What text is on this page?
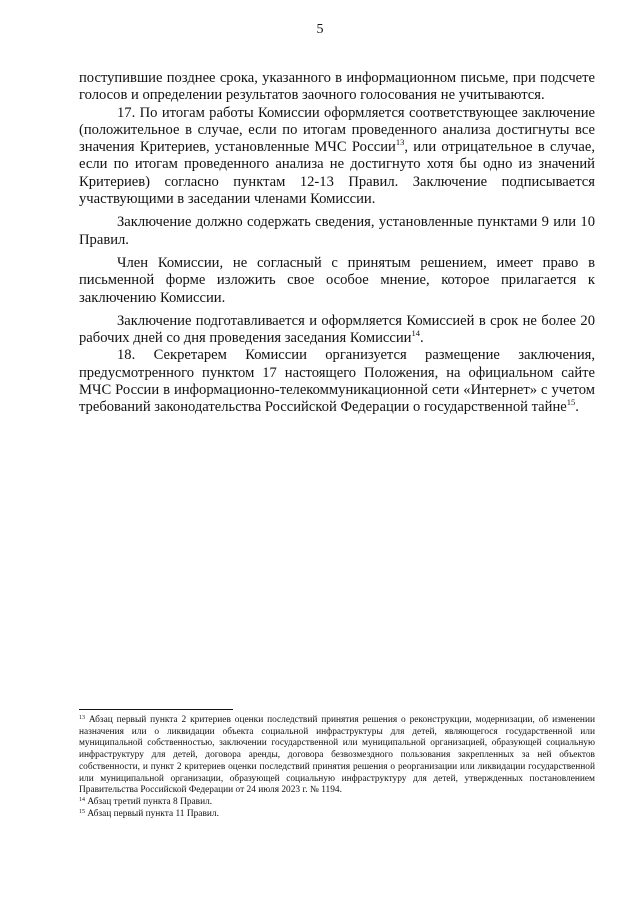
5

поступившие позднее срока, указанного в информационном письме, при подсчете голосов и определении результатов заочного голосования не учитываются.

17. По итогам работы Комиссии оформляется соответствующее заключение (положительное в случае, если по итогам проведенного анализа достигнуты все значения Критериев, установленные МЧС России$^{13}$, или отрицательное в случае, если по итогам проведенного анализа не достигнуто хотя бы одно из значений Критериев) согласно пунктам 12-13 Правил. Заключение подписывается участвующими в заседании членами Комиссии.

Заключение должно содержать сведения, установленные пунктами 9 или 10 Правил.

Член Комиссии, не согласный с принятым решением, имеет право в письменной форме изложить свое особое мнение, которое прилагается к заключению Комиссии.

Заключение подготавливается и оформляется Комиссией в срок не более 20 рабочих дней со дня проведения заседания Комиссии$^{14}$.

18. Секретарем Комиссии организуется размещение заключения, предусмотренного пунктом 17 настоящего Положения, на официальном сайте МЧС России в информационно-телекоммуникационной сети «Интернет» с учетом требований законодательства Российской Федерации о государственной тайне$^{15}$.

$^{13}$ Абзац первый пункта 2 критериев оценки последствий принятия решения о реконструкции, модернизации, об изменении назначения или о ликвидации объекта социальной инфраструктуры для детей, являющегося государственной или муниципальной собственностью, заключении государственной или муниципальной организацией, образующей социальную инфраструктуру для детей, договора аренды, договора безвозмездного пользования закрепленных за ней объектов собственности, и пункт 2 критериев оценки последствий принятия решения о реорганизации или ликвидации государственной или муниципальной организации, образующей социальную инфраструктуру для детей, утвержденных постановлением Правительства Российской Федерации от 24 июля 2023 г. № 1194.

$^{14}$ Абзац третий пункта 8 Правил.

$^{15}$ Абзац первый пункта 11 Правил.
